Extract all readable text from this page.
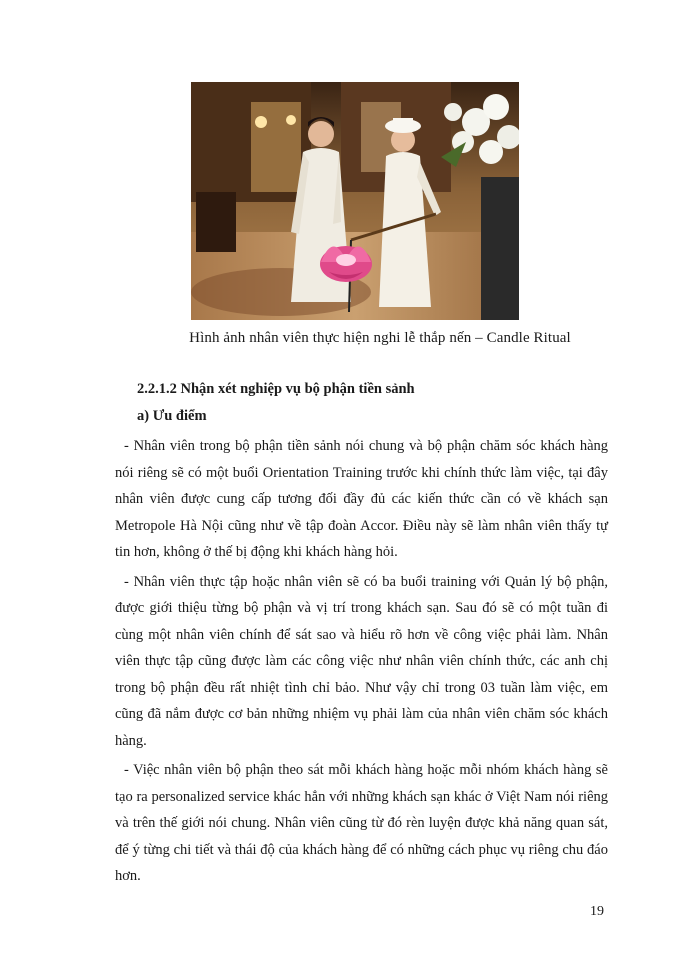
Hình ảnh nhân viên thực hiện nghi lễ thắp nến – Candle Ritual
2.2.1.2 Nhận xét nghiệp vụ bộ phận tiền sảnh
a) Ưu điểm

- Nhân viên trong bộ phận tiền sảnh nói chung và bộ phận chăm sóc khách hàng nói riêng sẽ có một buổi Orientation Training trước khi chính thức làm việc, tại đây nhân viên được cung cấp tương đối đầy đủ các kiến thức cần có về khách sạn Metropole Hà Nội cũng như về tập đoàn Accor. Điều này sẽ làm nhân viên thấy tự tin hơn, không ở thế bị động khi khách hàng hỏi.

- Nhân viên thực tập hoặc nhân viên sẽ có ba buổi training với Quản lý bộ phận, được giới thiệu từng bộ phận và vị trí trong khách sạn. Sau đó sẽ có một tuần đi cùng một nhân viên chính để sát sao và hiểu rõ hơn về công việc phải làm. Nhân viên thực tập cũng được làm các công việc như nhân viên chính thức, các anh chị trong bộ phận đều rất nhiệt tình chỉ bảo. Như vậy chỉ trong 03 tuần làm việc, em cũng đã nắm được cơ bản những nhiệm vụ phải làm của nhân viên chăm sóc khách hàng.

- Việc nhân viên bộ phận theo sát mỗi khách hàng hoặc mỗi nhóm khách hàng sẽ tạo ra personalized service khác hẳn với những khách sạn khác ở Việt Nam nói riêng và trên thế giới nói chung. Nhân viên cũng từ đó rèn luyện được khả năng quan sát, để ý từng chi tiết và thái độ của khách hàng để có những cách phục vụ riêng chu đáo hơn.

19
